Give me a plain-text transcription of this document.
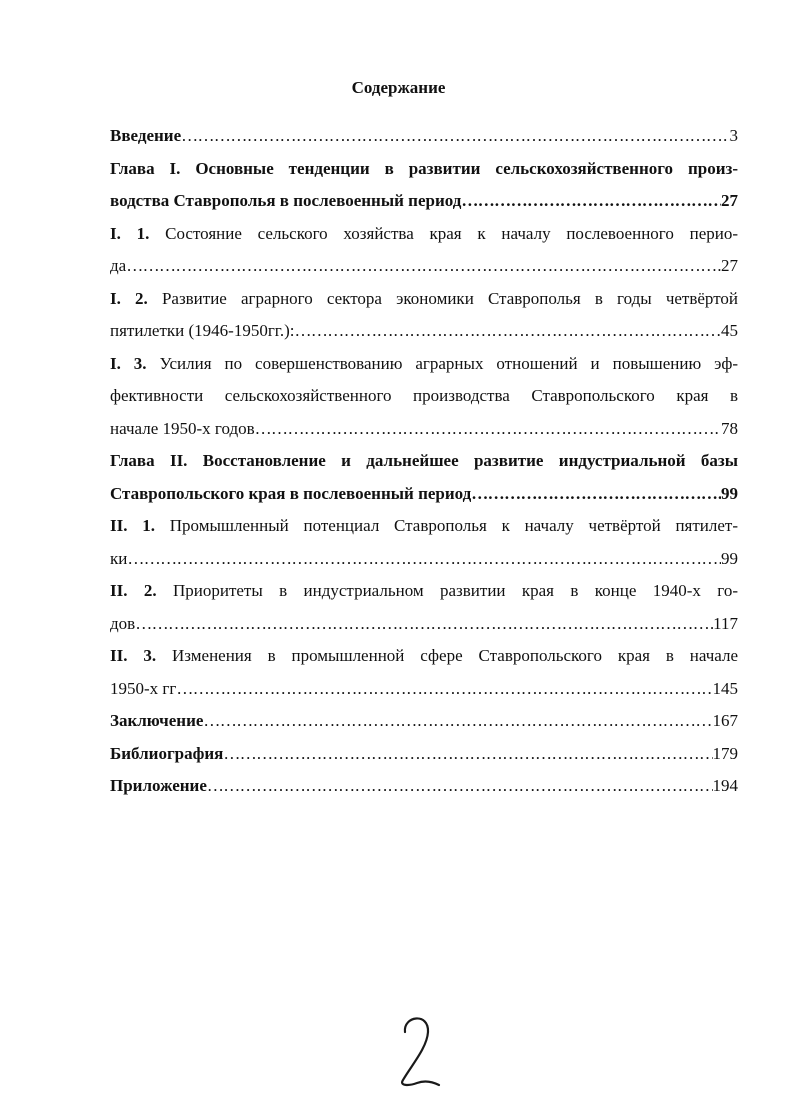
Содержание
Введение …………………………………………………………………………………………………………………………………………………………………………………………………………………………………………	3
Глава I. Основные тенденции в развитии сельскохозяйственного произ-
водства Ставрополья в послевоенный период …………………………………………………………………………………………………………………………………………………………………………………………………………………………………………	27
I. 1. Состояние сельского хозяйства края к началу послевоенного перио-
да …………………………………………………………………………………………………………………………………………………………………………………………………………………………………………	27
I. 2. Развитие аграрного сектора экономики Ставрополья в годы четвёртой
пятилетки (1946-1950гг.): …………………………………………………………………………………………………………………………………………………………………………………………………………………………………………	45
I. 3. Усилия по совершенствованию аграрных отношений и повышению эф-
фективности сельскохозяйственного производства Ставропольского края в
начале 1950-х годов …………………………………………………………………………………………………………………………………………………………………………………………………………………………………………	78
Глава II. Восстановление и дальнейшее развитие индустриальной базы
Ставропольского края в послевоенный период …………………………………………………………………………………………………………………………………………………………………………………………………………………………………………	99
II. 1. Промышленный потенциал Ставрополья к началу четвёртой пятилет-
ки …………………………………………………………………………………………………………………………………………………………………………………………………………………………………………	99
II. 2. Приоритеты в индустриальном развитии края в конце 1940-х го-
дов …………………………………………………………………………………………………………………………………………………………………………………………………………………………………………	117
II. 3. Изменения в промышленной сфере Ставропольского края в начале
1950-х гг …………………………………………………………………………………………………………………………………………………………………………………………………………………………………………	145
Заключение …………………………………………………………………………………………………………………………………………………………………………………………………………………………………………	167
Библиография …………………………………………………………………………………………………………………………………………………………………………………………………………………………………………	179
Приложение …………………………………………………………………………………………………………………………………………………………………………………………………………………………………………	194
